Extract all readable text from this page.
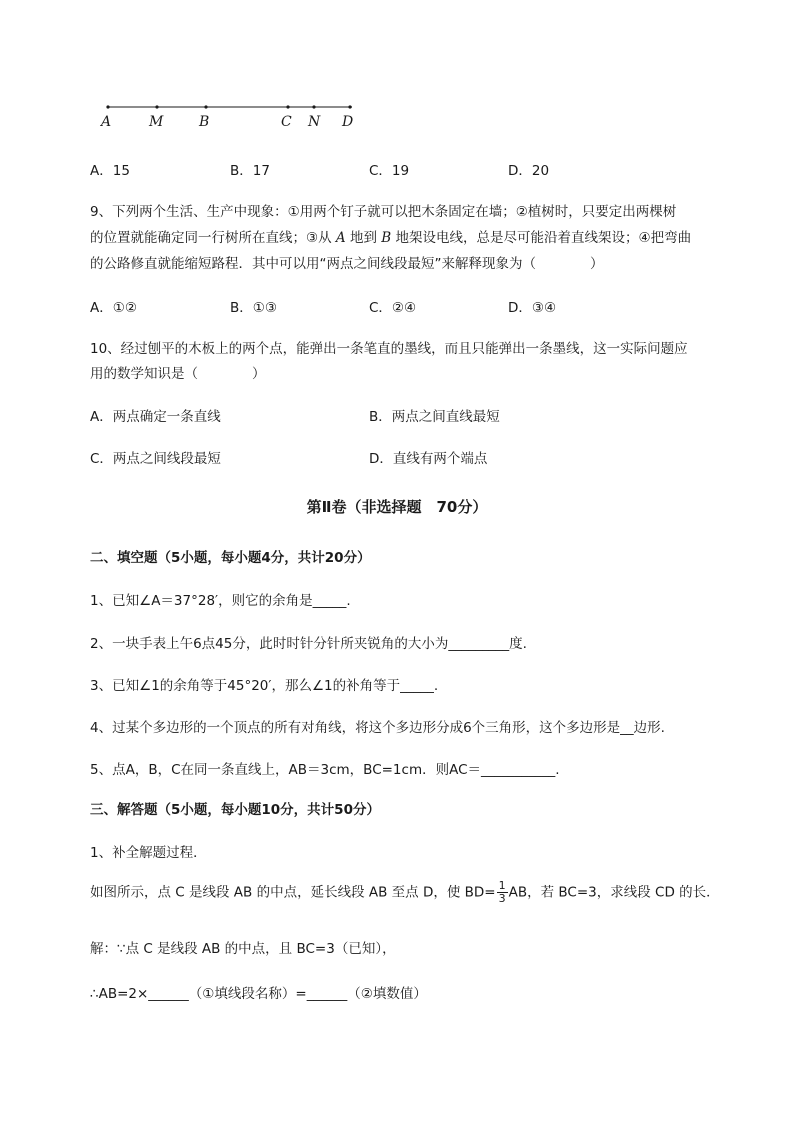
A	M	B	C N D
A．15	B．17	C．19	D．20
9、下列两个生活、生产中现象：①用两个钉子就可以把木条固定在墙；②植树时，只要定出两棵树
的位置就能确定同一行树所在直线；③从 A 地到 B 地架设电线，总是尽可能沿着直线架设；④把弯曲
的公路修直就能缩短路程．其中可以用“两点之间线段最短”来解释现象为（　　　　）
A．①②	B．①③	C．②④	D．③④
10、经过刨平的木板上的两个点，能弹出一条笔直的墨线，而且只能弹出一条墨线，这一实际问题应
用的数学知识是（　　　　）
A．两点确定一条直线	B．两点之间直线最短
C．两点之间线段最短	D．直线有两个端点
第Ⅱ卷（非选择题　70分）
二、填空题（5小题，每小题4分，共计20分）
1、已知∠A＝37°28′，则它的余角是_____.
2、一块手表上午6点45分，此时时针分针所夹锐角的大小为_________度.
3、已知∠1的余角等于45°20′，那么∠1的补角等于_____.
4、过某个多边形的一个顶点的所有对角线，将这个多边形分成6个三角形，这个多边形是__边形.
5、点A，B，C在同一条直线上，AB＝3cm，BC=1cm．则AC＝___________.
三、解答题（5小题，每小题10分，共计50分）
1、补全解题过程．
如图所示，点 C 是线段 AB 的中点，延长线段 AB 至点 D，使 $BD= \frac{1}{3}$ AB，若 BC=3，求线段 CD 的长．
解：∵点 C 是线段 AB 的中点，且 BC=3（已知），
∴AB=2×______（①填线段名称）=______（②填数值）
